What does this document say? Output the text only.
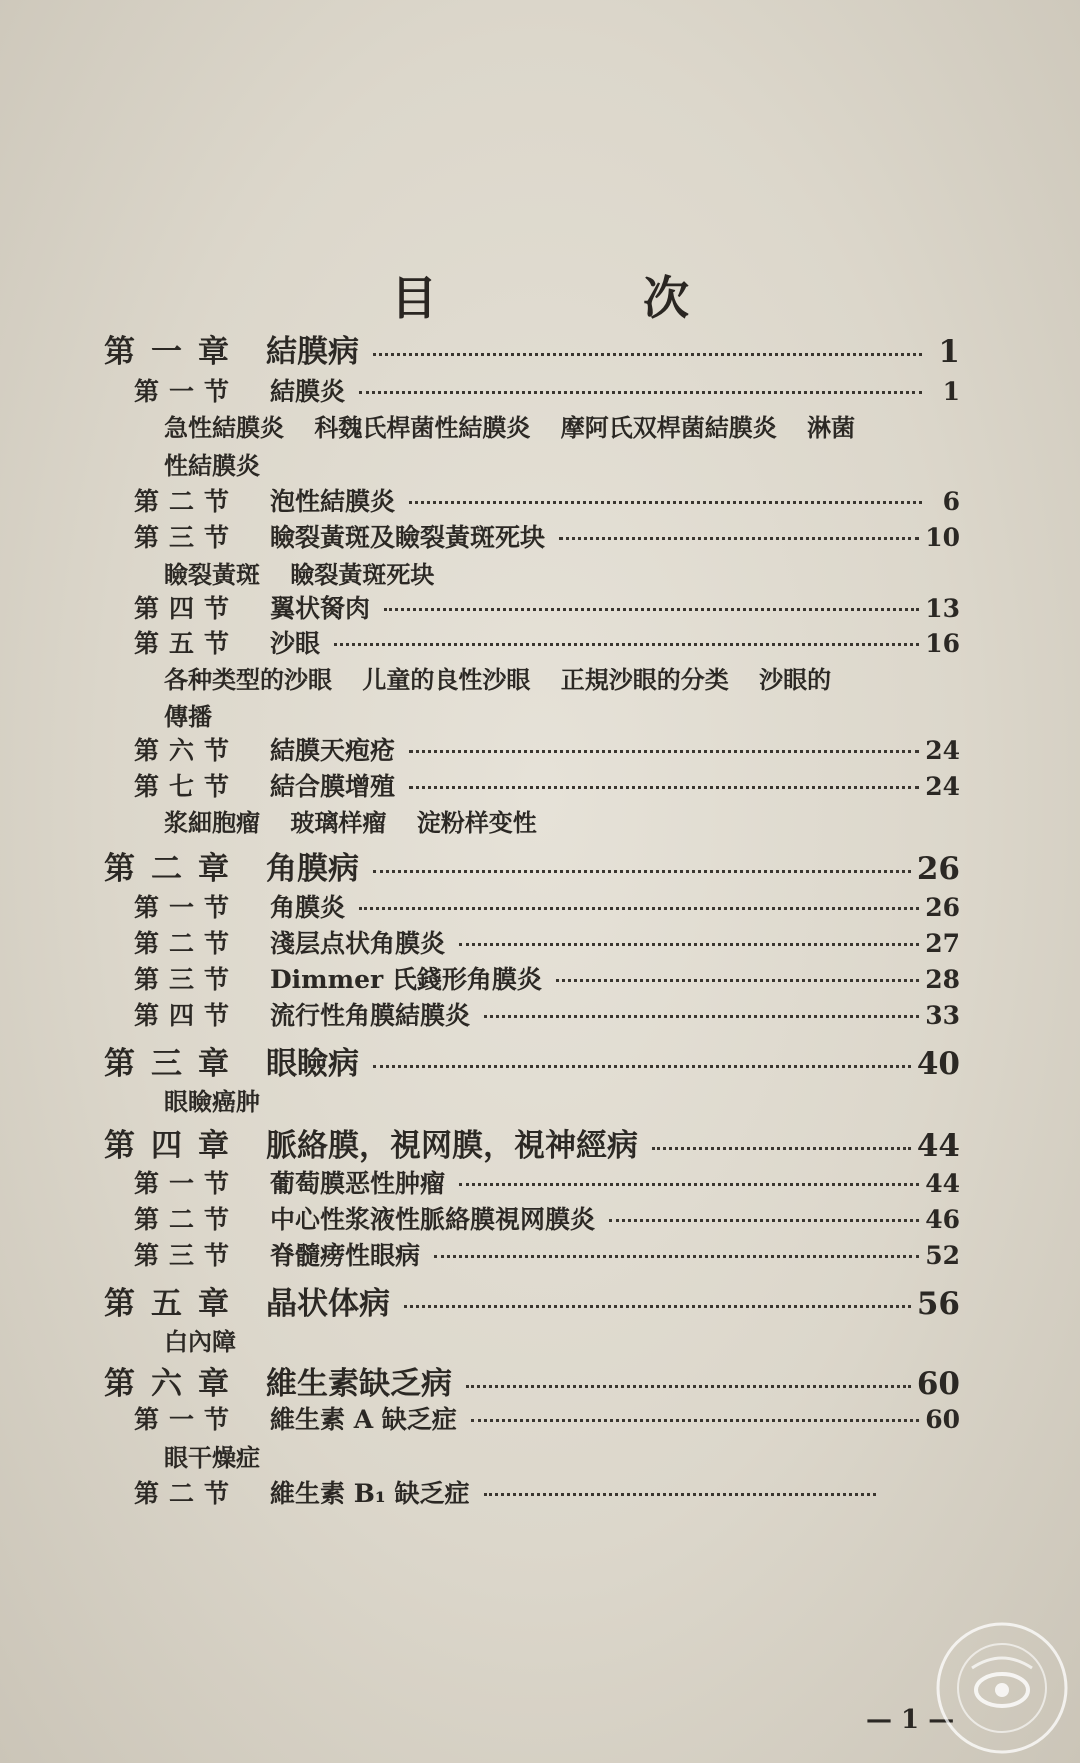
目　次
第一章 結膜病	1
第一节	結膜炎	1
急性結膜炎 科魏氏桿菌性結膜炎 摩阿氏双桿菌結膜炎 淋菌
性結膜炎
第二节	泡性結膜炎	6
第三节	瞼裂黃斑及瞼裂黃斑死块	10
瞼裂黃斑 瞼裂黃斑死块
第四节	翼状胬肉	13
第五节	沙眼	16
各种类型的沙眼 儿童的良性沙眼 正規沙眼的分类 沙眼的
傳播
第六节	結膜天疱疮	24
第七节	結合膜增殖	24
浆細胞瘤 玻璃样瘤 淀粉样变性
第二章 角膜病	26
第一节	角膜炎	26
第二节	淺层点状角膜炎	27
第三节	Dimmer 氏錢形角膜炎	28
第四节	流行性角膜結膜炎	33
第三章 眼瞼病	40
眼瞼癌肿
第四章 脈絡膜，視网膜，視神經病	44
第一节	葡萄膜恶性肿瘤	44
第二节	中心性浆液性脈絡膜視网膜炎	46
第三节	脊髓痨性眼病	52
第五章 晶状体病	56
白內障
第六章 維生素缺乏病	60
第一节	維生素 A 缺乏症	60
眼干燥症
第二节	維生素 B₁ 缺乏症
— 1 —
